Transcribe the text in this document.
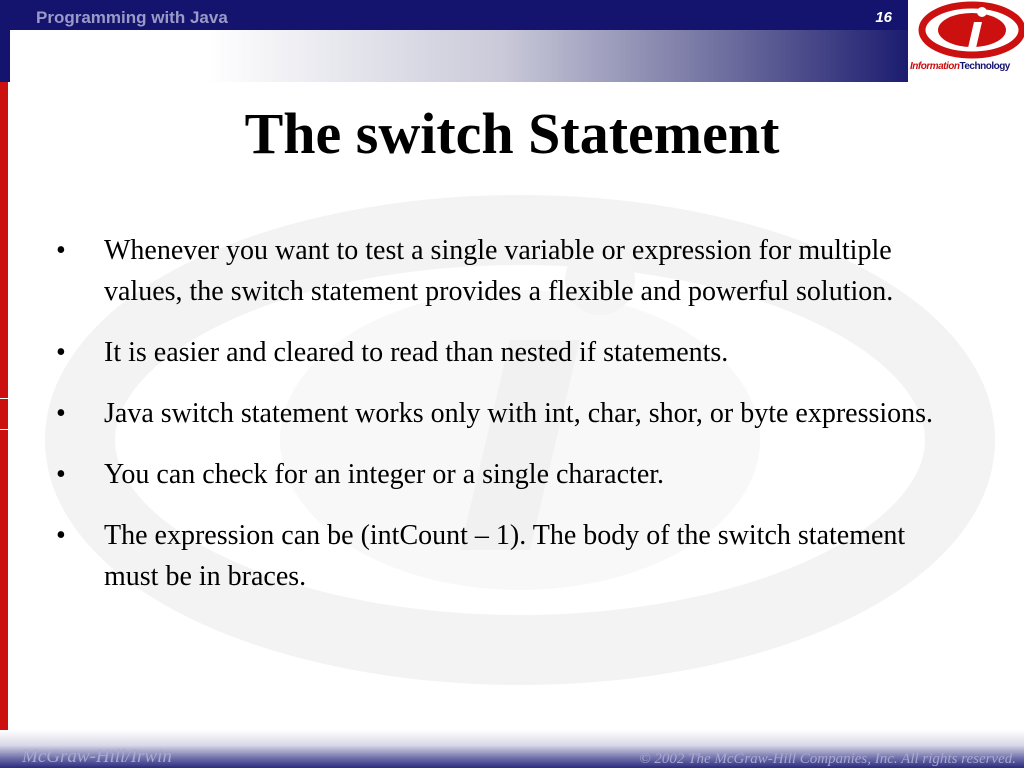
Programming with Java	16
InformationTechnology
The switch Statement
• Whenever you want to test a single variable or expression for multiple values, the switch statement provides a flexible and powerful solution.
• It is easier and cleared to read than nested if statements.
• Java switch statement works only with int, char, shor, or byte expressions.
• You can check for an integer or a single character.
• The expression can be (intCount – 1). The body of the switch statement must be in braces.
McGraw-Hill/Irwin	© 2002 The McGraw-Hill Companies, Inc. All rights reserved.
